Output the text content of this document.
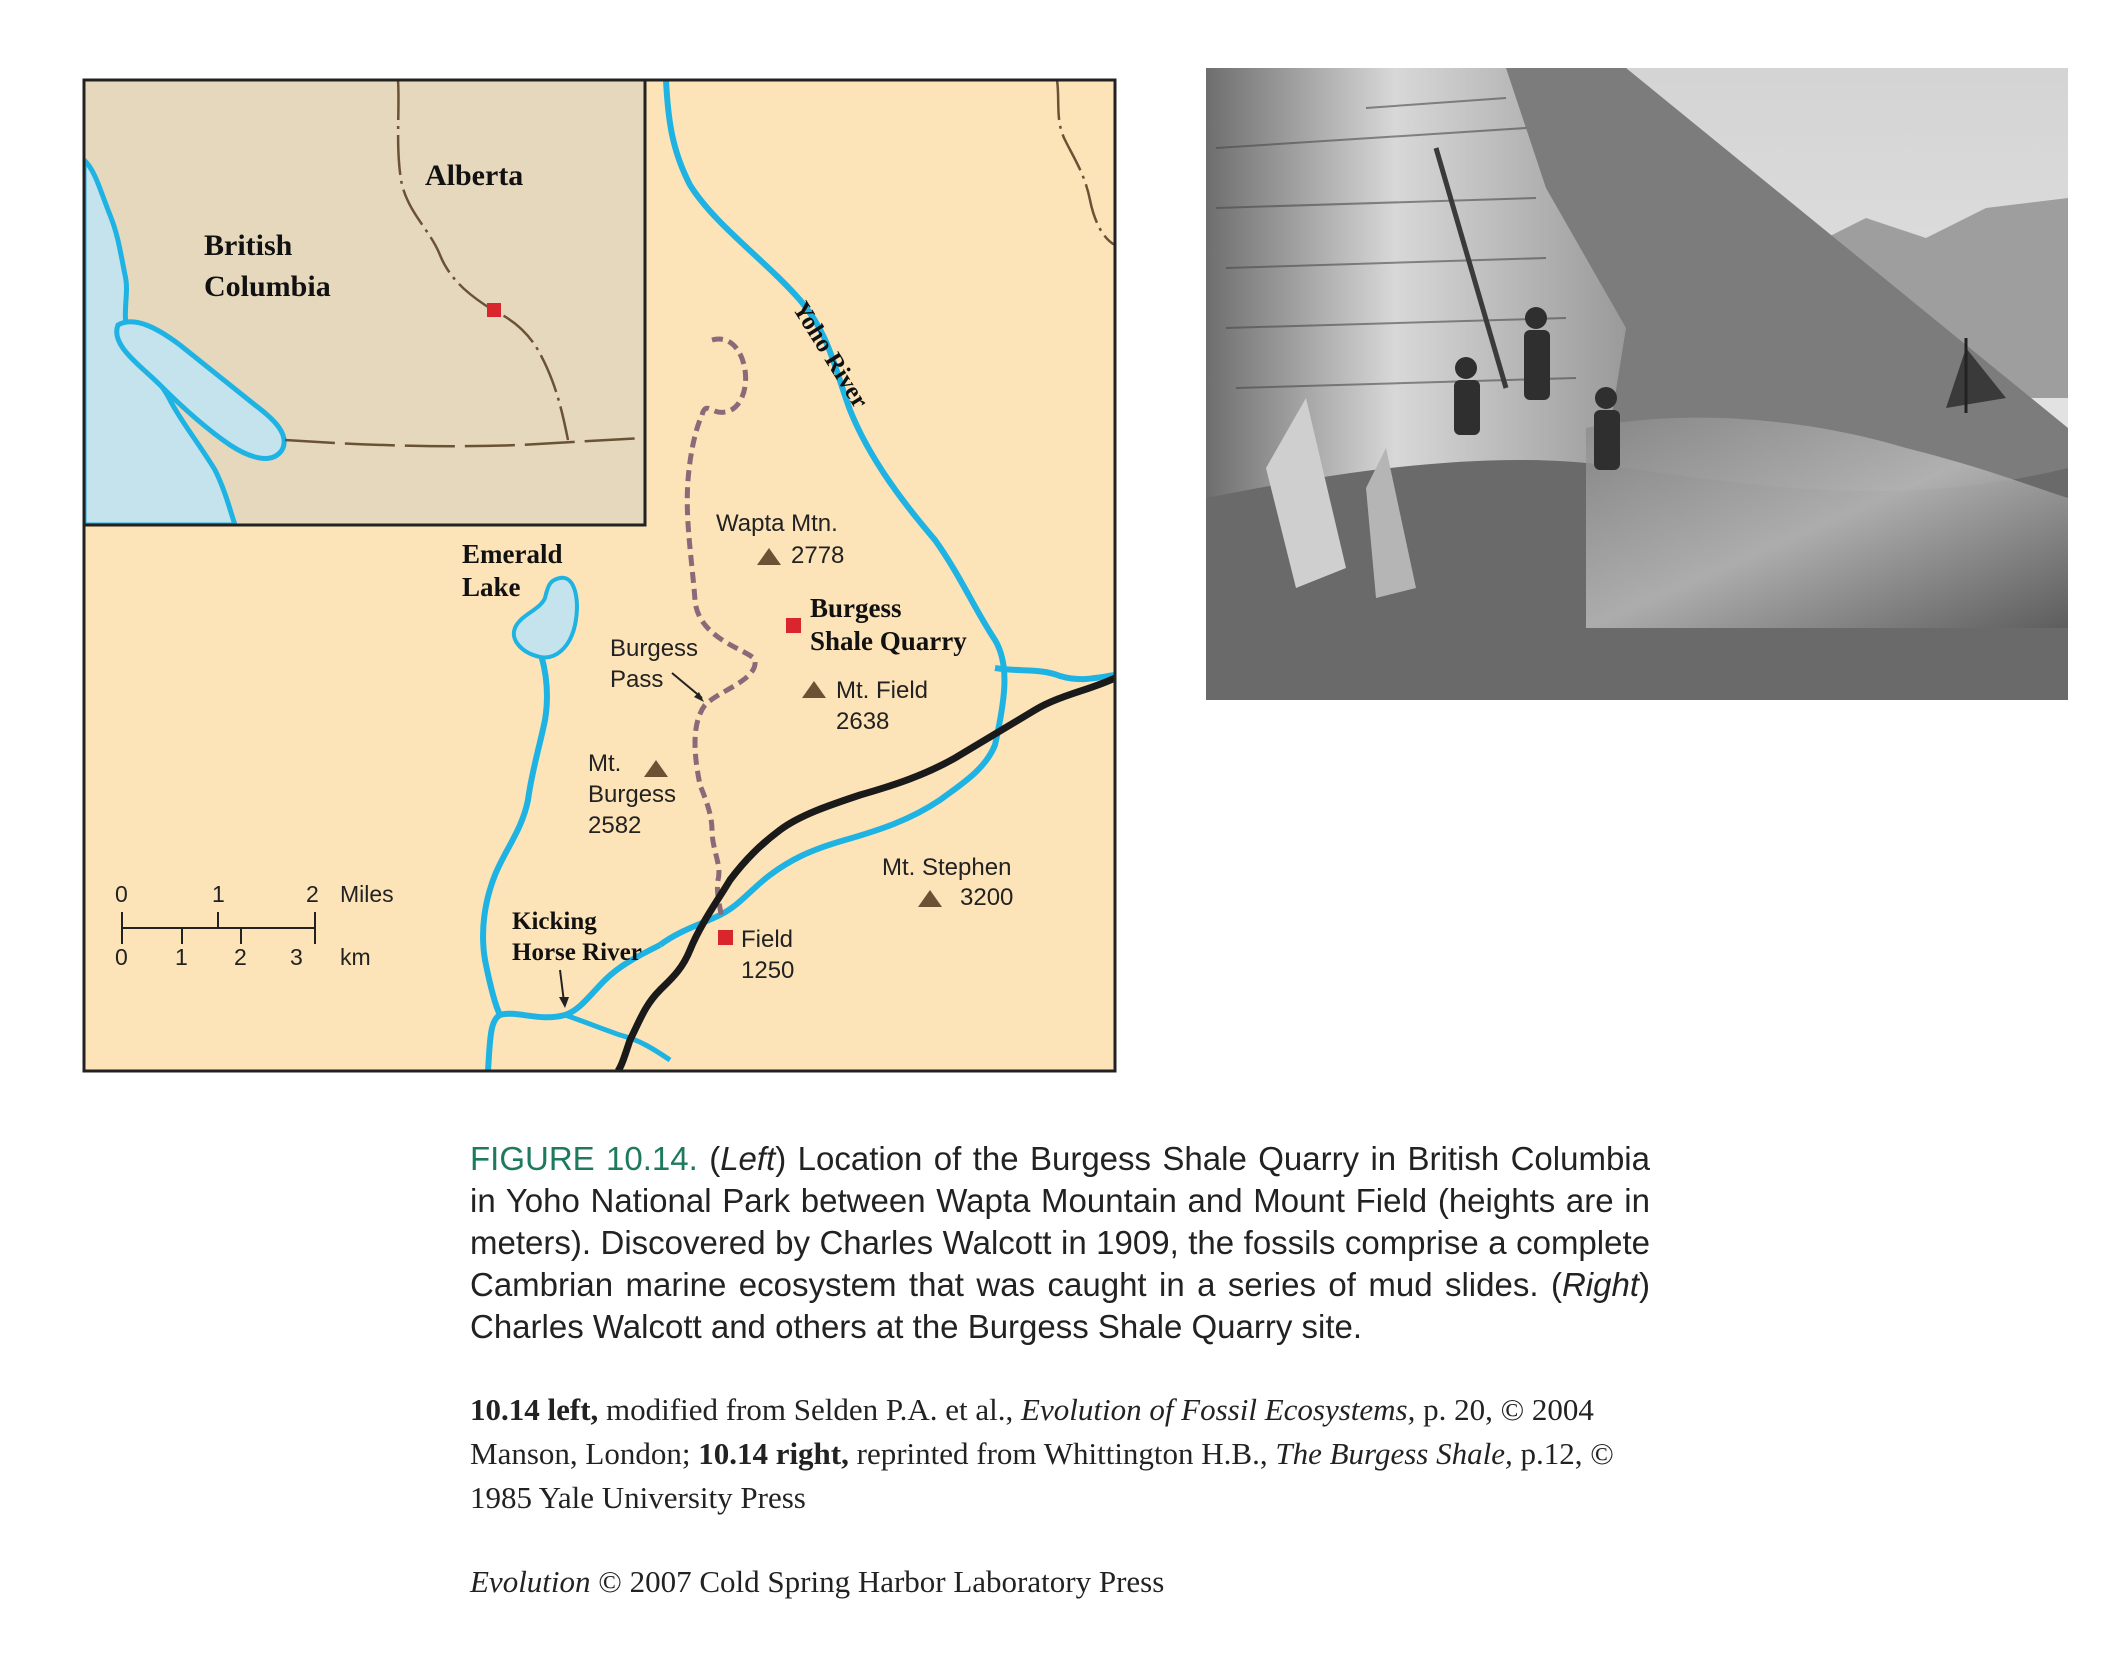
Alberta
British
Columbia
Yoho River
Emerald
Lake
Wapta Mtn.
2778
Burgess
Shale Quarry
Burgess
Pass	Mt. Field
2638
Mt.
Burgess
2582
Mt. Stephen
3200
Kicking
Horse River	Field
1250
0	1	2 Miles
0 1 2 3 km

FIGURE 10.14. (Left) Location of the Burgess Shale Quarry in British Columbia in Yoho National Park between Wapta Mountain and Mount Field (heights are in meters). Discovered by Charles Walcott in 1909, the fossils comprise a complete Cambrian marine ecosystem that was caught in a series of mud slides. (Right) Charles Walcott and others at the Burgess Shale Quarry site.

10.14 left, modified from Selden P.A. et al., Evolution of Fossil Ecosystems, p. 20, © 2004 Manson, London; 10.14 right, reprinted from Whittington H.B., The Burgess Shale, p.12, © 1985 Yale University Press

Evolution © 2007 Cold Spring Harbor Laboratory Press
